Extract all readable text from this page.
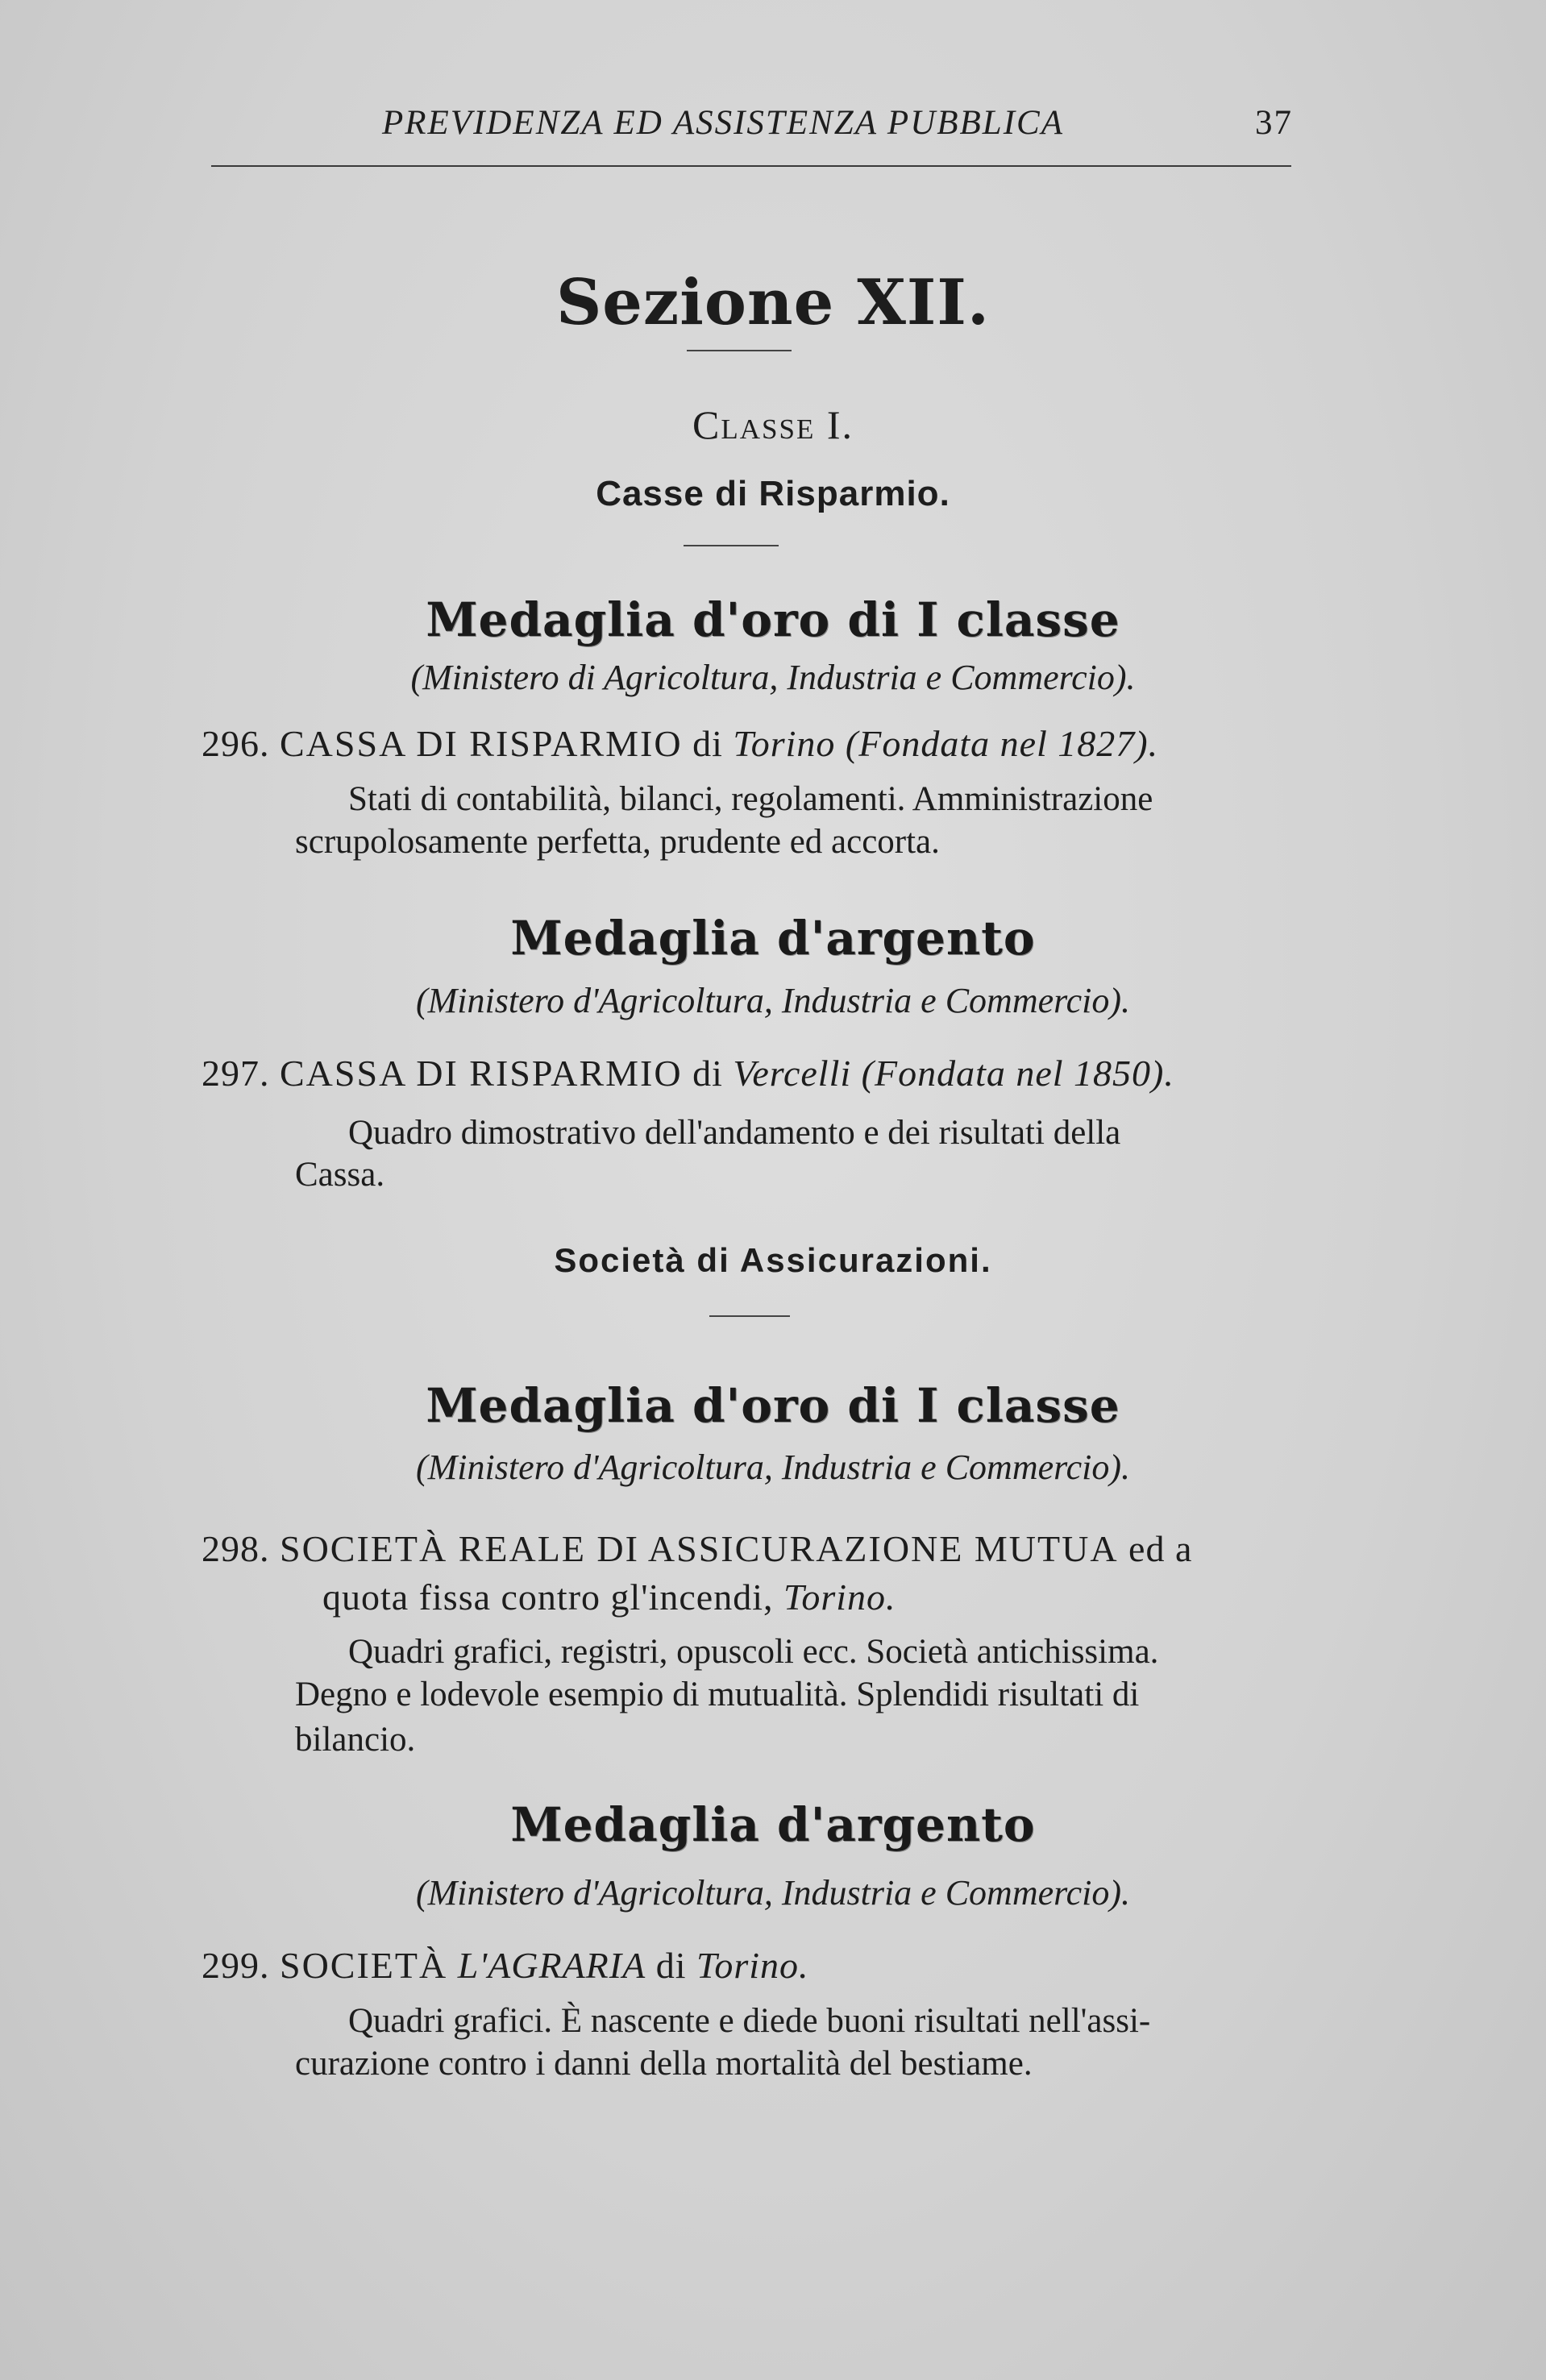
PREVIDENZA ED ASSISTENZA PUBBLICA	37
Sezione XII.
Classe I.
Casse di Risparmio.
Medaglia d'oro di I classe
(Ministero di Agricoltura, Industria e Commercio).
296. CASSA DI RISPARMIO di Torino (Fondata nel 1827).
Stati di contabilità, bilanci, regolamenti. Amministrazione
scrupolosamente perfetta, prudente ed accorta.
Medaglia d'argento
(Ministero d'Agricoltura, Industria e Commercio).
297. CASSA DI RISPARMIO di Vercelli (Fondata nel 1850).
Quadro dimostrativo dell'andamento e dei risultati della
Cassa.
Società di Assicurazioni.
Medaglia d'oro di I classe
(Ministero d'Agricoltura, Industria e Commercio).
298. SOCIETÀ REALE DI ASSICURAZIONE MUTUA ed a
quota fissa contro gl'incendi, Torino.
Quadri grafici, registri, opuscoli ecc. Società antichissima.
Degno e lodevole esempio di mutualità. Splendidi risultati di
bilancio.
Medaglia d'argento
(Ministero d'Agricoltura, Industria e Commercio).
299. SOCIETÀ L'AGRARIA di Torino.
Quadri grafici. È nascente e diede buoni risultati nell'assi-
curazione contro i danni della mortalità del bestiame.
